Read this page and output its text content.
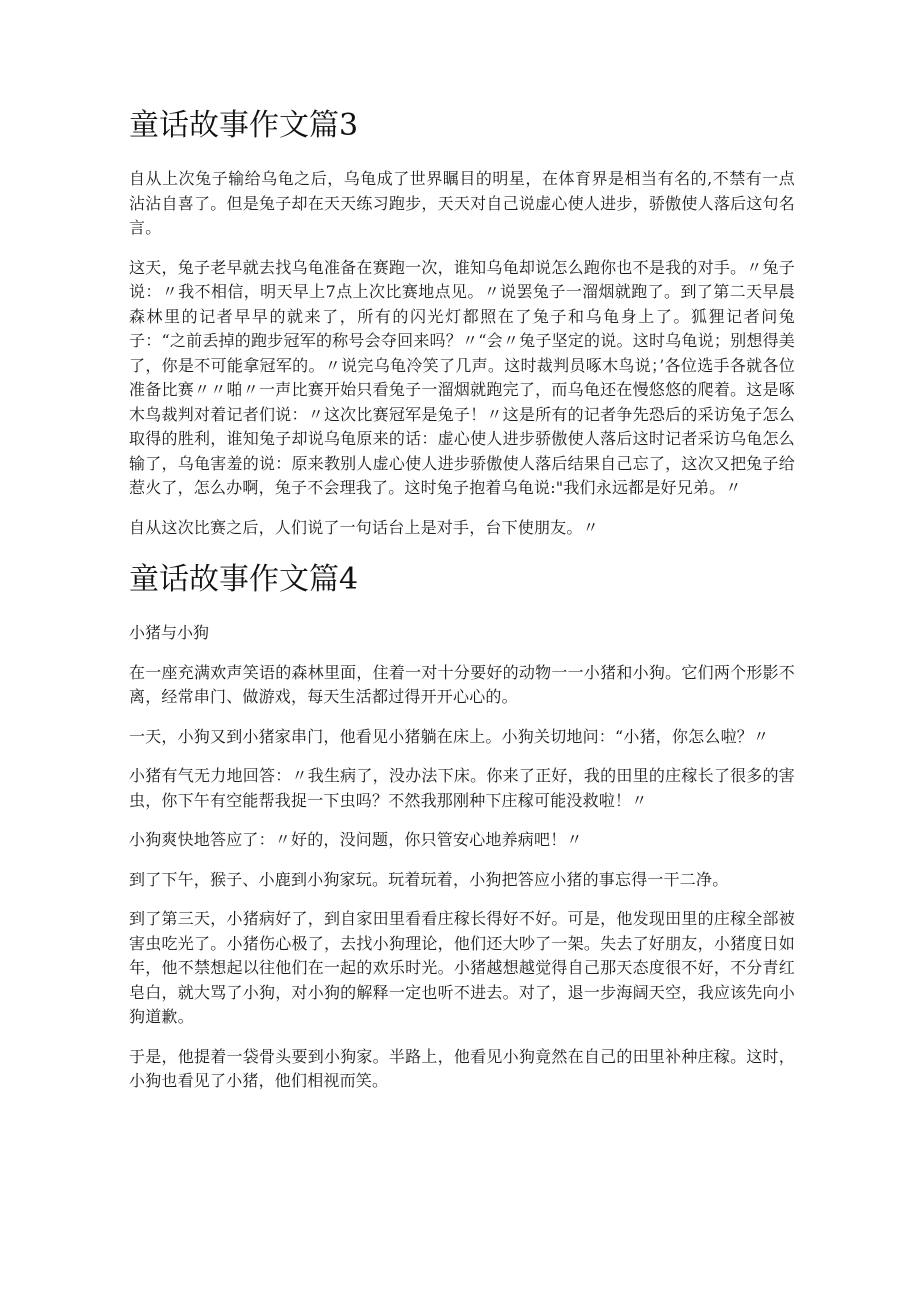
童话故事作文篇3

自从上次兔子输给乌龟之后，乌龟成了世界瞩目的明星，在体育界是相当有名的,不禁有一点沾沾自喜了。但是兔子却在天天练习跑步，天天对自己说虚心使人进步，骄傲使人落后这句名言。

这天，兔子老早就去找乌龟准备在赛跑一次，谁知乌龟却说怎么跑你也不是我的对手。〃兔子说：〃我不相信，明天早上7点上次比赛地点见。〃说罢兔子一溜烟就跑了。到了第二天早晨森林里的记者早早的就来了，所有的闪光灯都照在了兔子和乌龟身上了。狐狸记者问兔子：“之前丢掉的跑步冠军的称号会夺回来吗？〃“会〃兔子坚定的说。这时乌龟说；别想得美了，你是不可能拿冠军的。〃说完乌龟冷笑了几声。这时裁判员啄木鸟说；’各位选手各就各位准备比赛〃〃啪〃一声比赛开始只看兔子一溜烟就跑完了，而乌龟还在慢悠悠的爬着。这是啄木鸟裁判对着记者们说：〃这次比赛冠军是兔子！〃这是所有的记者争先恐后的采访兔子怎么取得的胜利，谁知兔子却说乌龟原来的话：虚心使人进步骄傲使人落后这时记者采访乌龟怎么输了，乌龟害羞的说：原来教别人虚心使人进步骄傲使人落后结果自己忘了，这次又把兔子给惹火了，怎么办啊，兔子不会理我了。这时兔子抱着乌龟说:"我们永远都是好兄弟。〃

自从这次比赛之后，人们说了一句话台上是对手，台下使朋友。〃

童话故事作文篇4

小猪与小狗

在一座充满欢声笑语的森林里面，住着一对十分要好的动物一一小猪和小狗。它们两个形影不离，经常串门、做游戏，每天生活都过得开开心心的。

一天，小狗又到小猪家串门，他看见小猪躺在床上。小狗关切地问：“小猪，你怎么啦？〃

小猪有气无力地回答：〃我生病了，没办法下床。你来了正好，我的田里的庄稼长了很多的害虫，你下午有空能帮我捉一下虫吗？不然我那刚种下庄稼可能没救啦！〃

小狗爽快地答应了：〃好的，没问题，你只管安心地养病吧！〃

到了下午，猴子、小鹿到小狗家玩。玩着玩着，小狗把答应小猪的事忘得一干二净。

到了第三天，小猪病好了，到自家田里看看庄稼长得好不好。可是，他发现田里的庄稼全部被害虫吃光了。小猪伤心极了，去找小狗理论，他们还大吵了一架。失去了好朋友，小猪度日如年，他不禁想起以往他们在一起的欢乐时光。小猪越想越觉得自己那天态度很不好，不分青红皂白，就大骂了小狗，对小狗的解释一定也听不进去。对了，退一步海阔天空，我应该先向小狗道歉。

于是，他提着一袋骨头要到小狗家。半路上，他看见小狗竟然在自己的田里补种庄稼。这时，小狗也看见了小猪，他们相视而笑。
